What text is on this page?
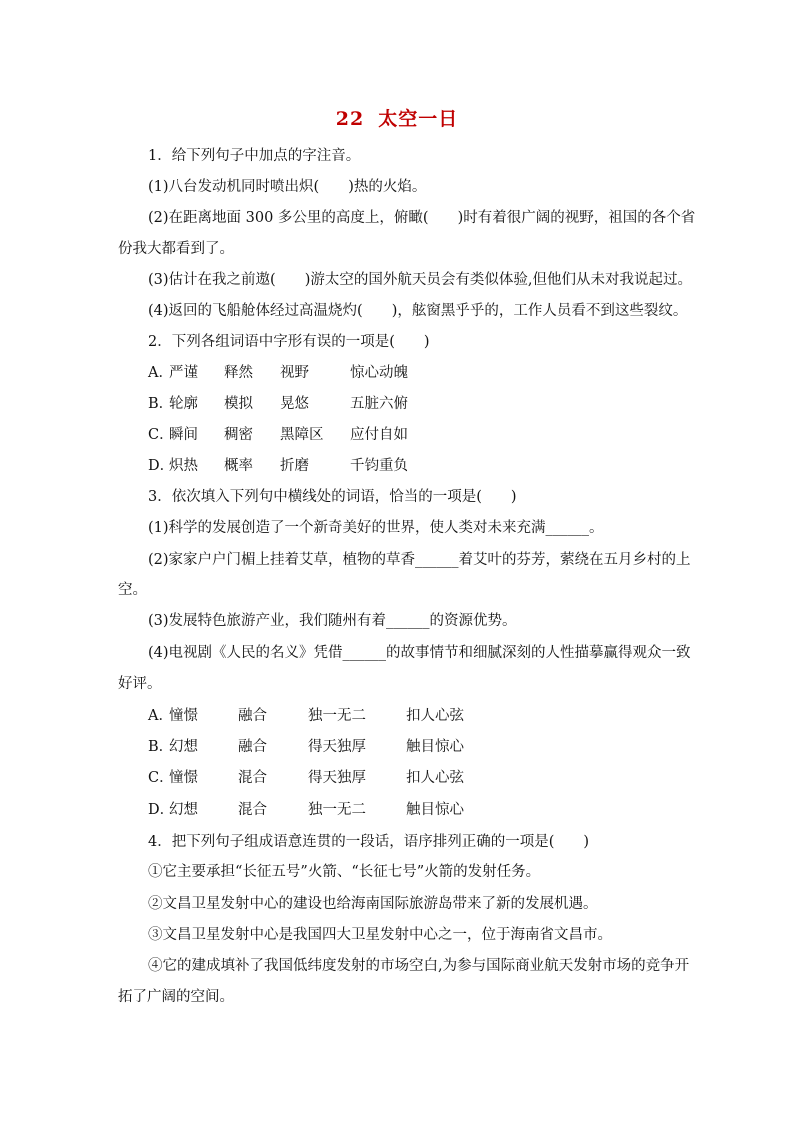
22 太空一日
1．给下列句子中加点的字注音。
(1)八台发动机同时喷出炽(　　)热的火焰。
(2)在距离地面 300 多公里的高度上，俯瞰(　　)时有着很广阔的视野，祖国的各个省
份我大都看到了。
(3)估计在我之前遨(　　)游太空的国外航天员会有类似体验,但他们从未对我说起过。
(4)返回的飞船舱体经过高温烧灼(　　)，舷窗黑乎乎的，工作人员看不到这些裂纹。
2．下列各组词语中字形有误的一项是(　　)
A．
严谨 释然 视野	惊心动魄
B．
轮廓 模拟 晃悠	五脏六俯
C．
瞬间 稠密 黑障区 应付自如
D．
炽热 概率 折磨	千钧重负
3．依次填入下列句中横线处的词语，恰当的一项是(　　)
(1)科学的发展创造了一个新奇美好的世界，使人类对未来充满______。
(2)家家户户门楣上挂着艾草，植物的草香______着艾叶的芬芳，萦绕在五月乡村的上
空。
(3)发展特色旅游产业，我们随州有着______的资源优势。
(4)电视剧《人民的名义》凭借______的故事情节和细腻深刻的人性描摹赢得观众一致
好评。
A．
憧憬	融合	独一无二	扣人心弦
B．
幻想	融合	得天独厚	触目惊心
C．
憧憬	混合	得天独厚	扣人心弦
D．
幻想	混合	独一无二	触目惊心
4．把下列句子组成语意连贯的一段话，语序排列正确的一项是(　　)
①它主要承担“长征五号”火箭、“长征七号”火箭的发射任务。
②文昌卫星发射中心的建设也给海南国际旅游岛带来了新的发展机遇。
③文昌卫星发射中心是我国四大卫星发射中心之一，位于海南省文昌市。
④它的建成填补了我国低纬度发射的市场空白,为参与国际商业航天发射市场的竞争开
拓了广阔的空间。
